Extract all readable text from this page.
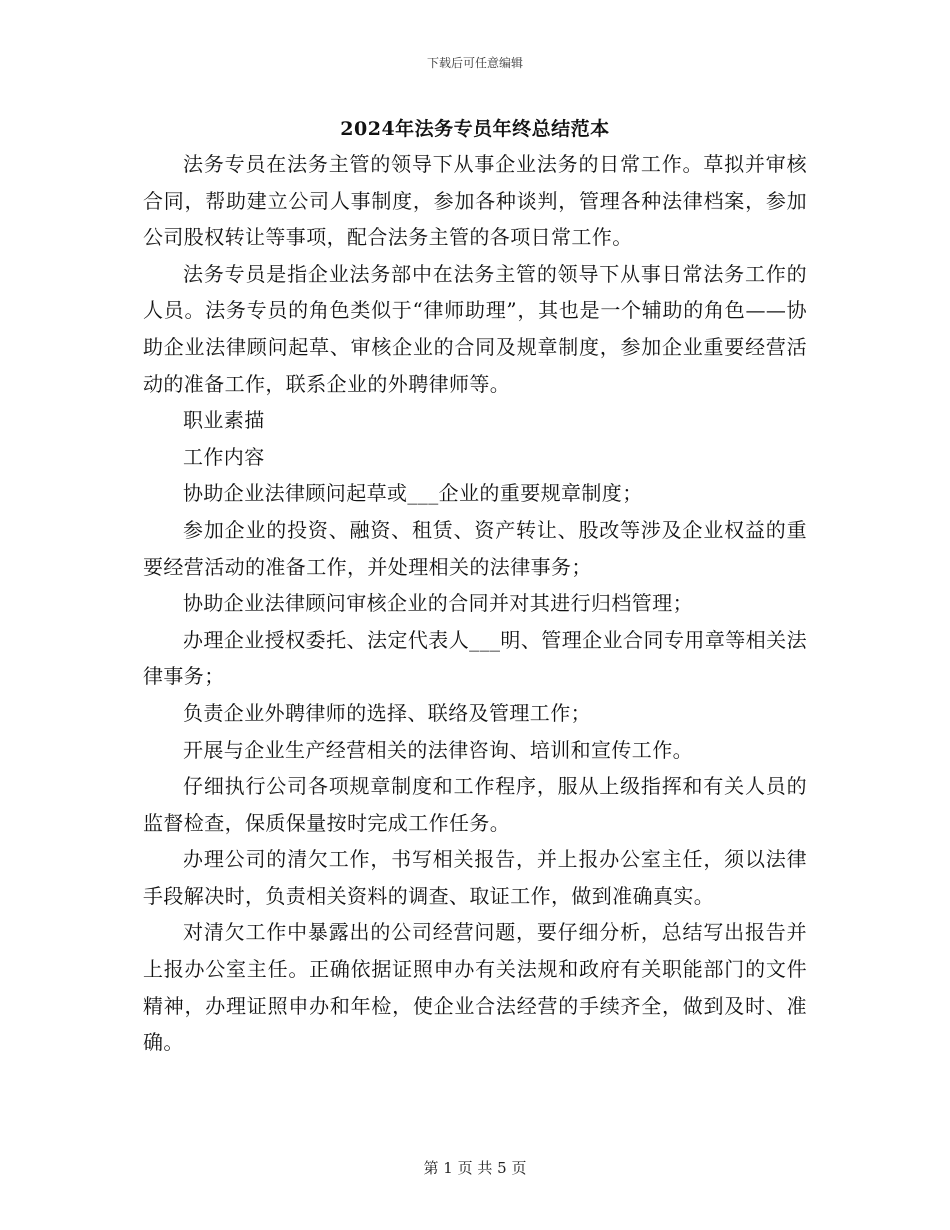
下载后可任意编辑
2024年法务专员年终总结范本

法务专员在法务主管的领导下从事企业法务的日常工作。草拟并审核合同，帮助建立公司人事制度，参加各种谈判，管理各种法律档案，参加公司股权转让等事项，配合法务主管的各项日常工作。

法务专员是指企业法务部中在法务主管的领导下从事日常法务工作的人员。法务专员的角色类似于“律师助理”，其也是一个辅助的角色——协助企业法律顾问起草、审核企业的合同及规章制度，参加企业重要经营活动的准备工作，联系企业的外聘律师等。

职业素描

工作内容

协助企业法律顾问起草或___企业的重要规章制度；

参加企业的投资、融资、租赁、资产转让、股改等涉及企业权益的重要经营活动的准备工作，并处理相关的法律事务；

协助企业法律顾问审核企业的合同并对其进行归档管理；

办理企业授权委托、法定代表人___明、管理企业合同专用章等相关法律事务；

负责企业外聘律师的选择、联络及管理工作；

开展与企业生产经营相关的法律咨询、培训和宣传工作。

仔细执行公司各项规章制度和工作程序，服从上级指挥和有关人员的监督检查，保质保量按时完成工作任务。

办理公司的清欠工作，书写相关报告，并上报办公室主任，须以法律手段解决时，负责相关资料的调查、取证工作，做到准确真实。

对清欠工作中暴露出的公司经营问题，要仔细分析，总结写出报告并上报办公室主任。正确依据证照申办有关法规和政府有关职能部门的文件精神，办理证照申办和年检，使企业合法经营的手续齐全，做到及时、准确。

第 1 页 共 5 页
